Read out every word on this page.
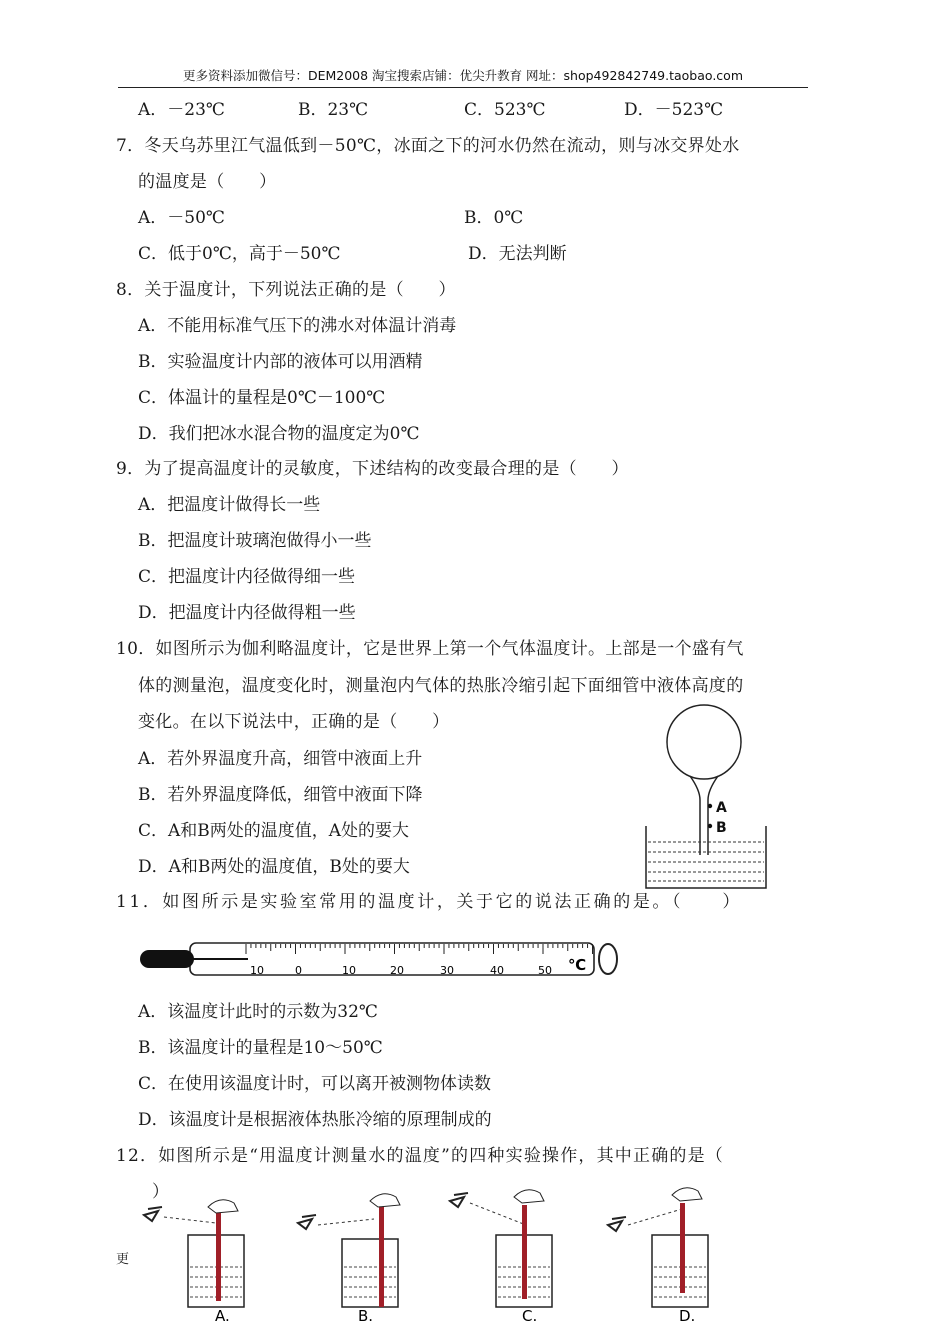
更多资料添加微信号：DEM2008 淘宝搜索店铺：优尖升教育 网址：shop492842749.taobao.com
A．－23℃	B．23℃	C．523℃	D．－523℃
7．冬天乌苏里江气温低到－50℃，冰面之下的河水仍然在流动，则与冰交界处水
的温度是（　　）
A．－50℃	B．0℃
C．低于0℃，高于－50℃	D．无法判断
8．关于温度计，下列说法正确的是（　　）
A．不能用标准气压下的沸水对体温计消毒
B．实验温度计内部的液体可以用酒精
C．体温计的量程是0℃－100℃
D．我们把冰水混合物的温度定为0℃
9．为了提高温度计的灵敏度，下述结构的改变最合理的是（　　）
A．把温度计做得长一些
B．把温度计玻璃泡做得小一些
C．把温度计内径做得细一些
D．把温度计内径做得粗一些
10．如图所示为伽利略温度计，它是世界上第一个气体温度计。上部是一个盛有气
体的测量泡，温度变化时，测量泡内气体的热胀冷缩引起下面细管中液体高度的
变化。在以下说法中，正确的是（　　）
A．若外界温度升高，细管中液面上升
B．若外界温度降低，细管中液面下降
C．A和B两处的温度值，A处的要大
D．A和B两处的温度值，B处的要大
A
B
11．如图所示是实验室常用的温度计，关于它的说法正确的是。（　　）
10	0	10	20	30	40	50 ℃
A．该温度计此时的示数为32℃
B．该温度计的量程是10～50℃
C．在使用该温度计时，可以离开被测物体读数
D．该温度计是根据液体热胀冷缩的原理制成的
12．如图所示是“用温度计测量水的温度”的四种实验操作，其中正确的是（
）
更
A.	B.	C.	D.
